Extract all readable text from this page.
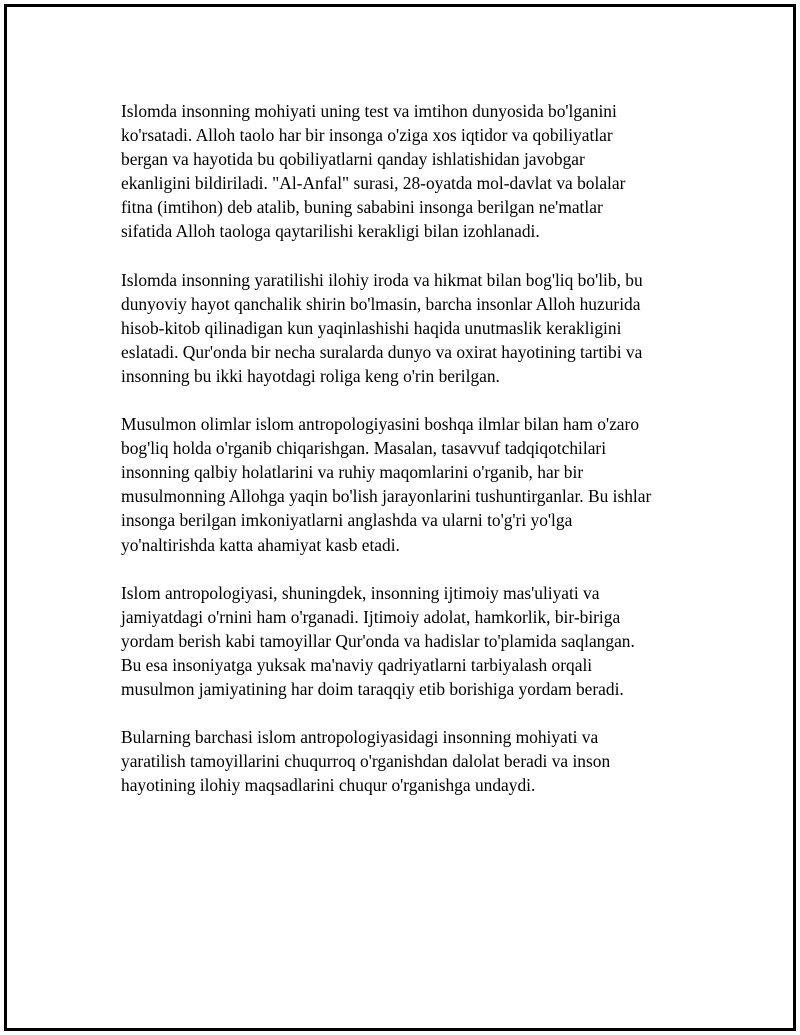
Islomda insonning mohiyati uning test va imtihon dunyosida bo'lganini
ko'rsatadi. Alloh taolo har bir insonga o'ziga xos iqtidor va qobiliyatlar
bergan va hayotida bu qobiliyatlarni qanday ishlatishidan javobgar
ekanligini bildiriladi. "Al-Anfal" surasi, 28-oyatda mol-davlat va bolalar
fitna (imtihon) deb atalib, buning sababini insonga berilgan ne'matlar
sifatida Alloh taologa qaytarilishi kerakligi bilan izohlanadi.

Islomda insonning yaratilishi ilohiy iroda va hikmat bilan bog'liq bo'lib, bu
dunyoviy hayot qanchalik shirin bo'lmasin, barcha insonlar Alloh huzurida
hisob-kitob qilinadigan kun yaqinlashishi haqida unutmaslik kerakligini
eslatadi. Qur'onda bir necha suralarda dunyo va oxirat hayotining tartibi va
insonning bu ikki hayotdagi roliga keng o'rin berilgan.

Musulmon olimlar islom antropologiyasini boshqa ilmlar bilan ham o'zaro
bog'liq holda o'rganib chiqarishgan. Masalan, tasavvuf tadqiqotchilari
insonning qalbiy holatlarini va ruhiy maqomlarini o'rganib, har bir
musulmonning Allohga yaqin bo'lish jarayonlarini tushuntirganlar. Bu ishlar
insonga berilgan imkoniyatlarni anglashda va ularni to'g'ri yo'lga
yo'naltirishda katta ahamiyat kasb etadi.

Islom antropologiyasi, shuningdek, insonning ijtimoiy mas'uliyati va
jamiyatdagi o'rnini ham o'rganadi. Ijtimoiy adolat, hamkorlik, bir-biriga
yordam berish kabi tamoyillar Qur'onda va hadislar to'plamida saqlangan.
Bu esa insoniyatga yuksak ma'naviy qadriyatlarni tarbiyalash orqali
musulmon jamiyatining har doim taraqqiy etib borishiga yordam beradi.

Bularning barchasi islom antropologiyasidagi insonning mohiyati va
yaratilish tamoyillarini chuqurroq o'rganishdan dalolat beradi va inson
hayotining ilohiy maqsadlarini chuqur o'rganishga undaydi.
